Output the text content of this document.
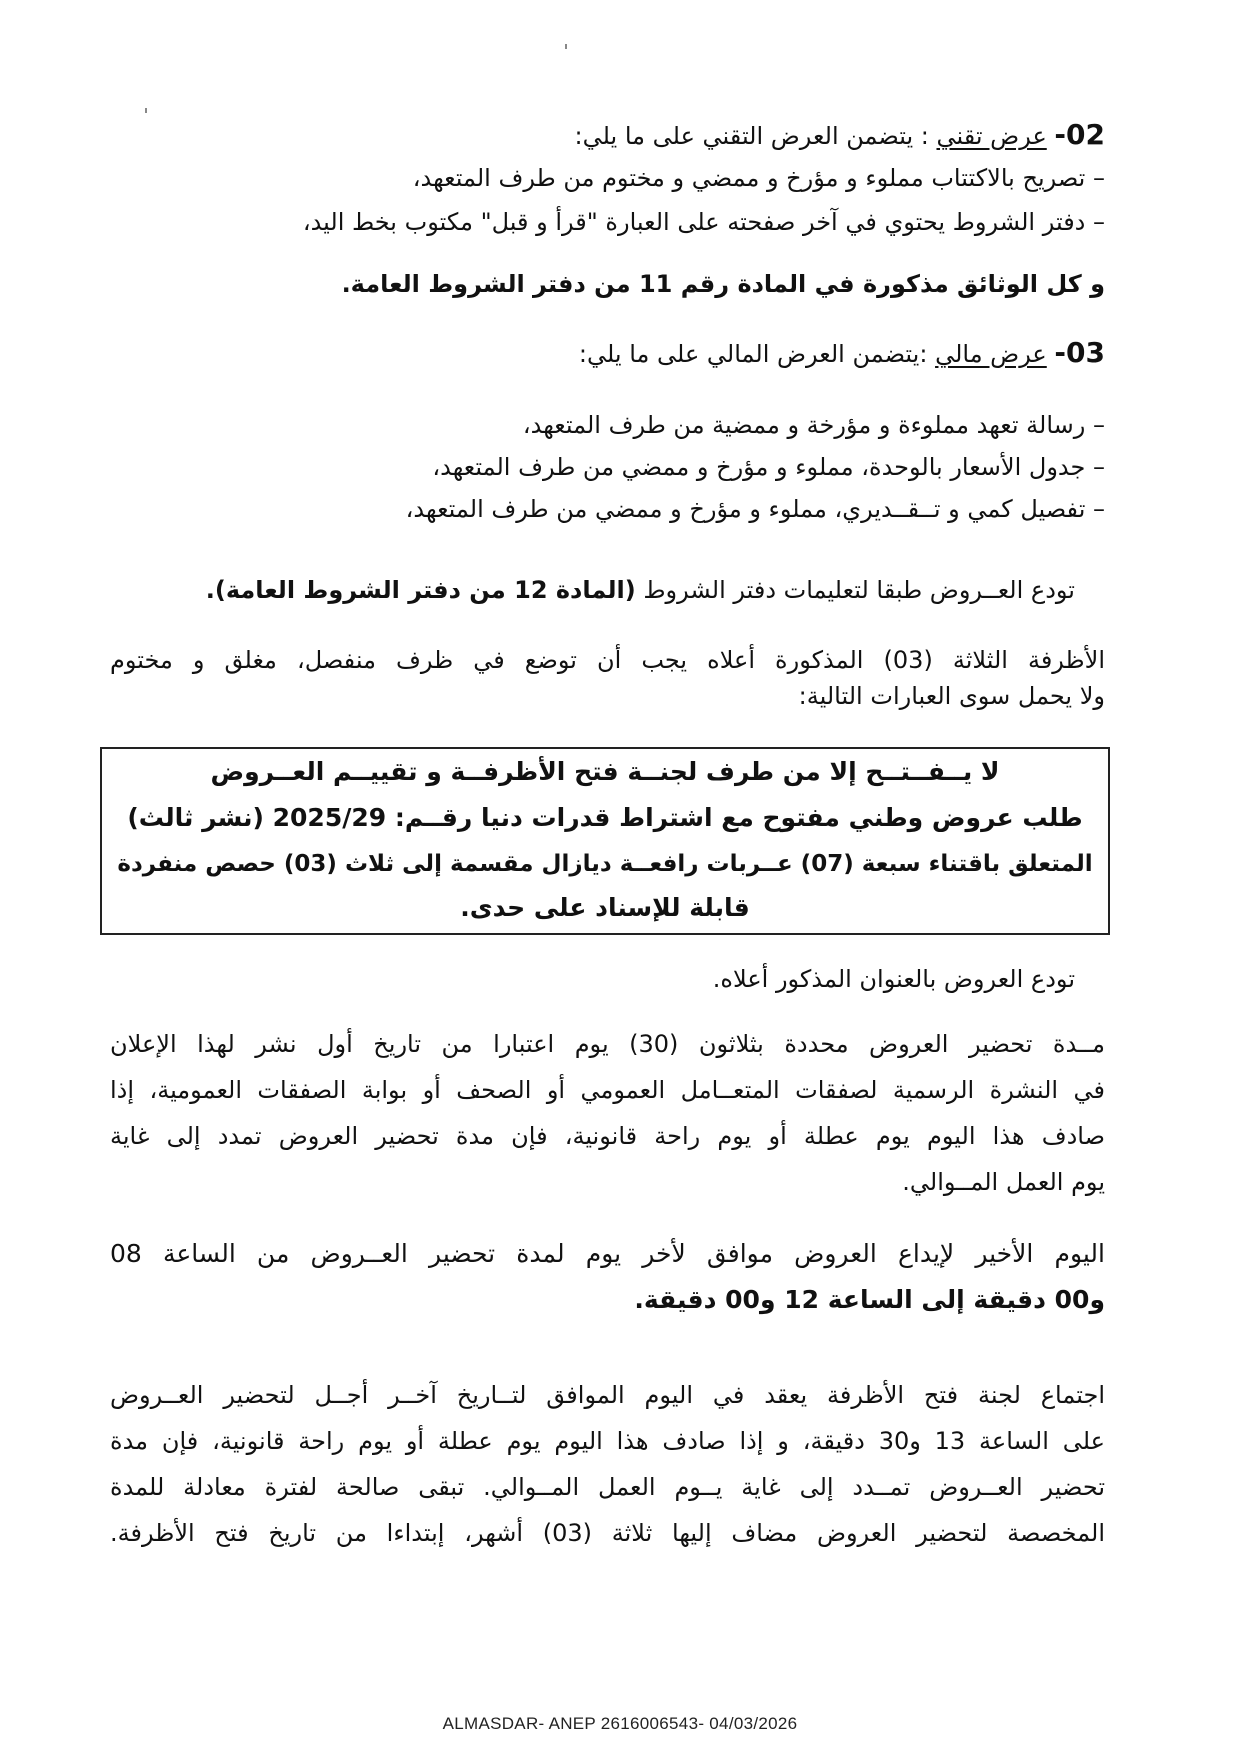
02- عرض تقني : يتضمن العرض التقني على ما يلي:
– تصريح بالاكتتاب مملوء و مؤرخ و ممضي و مختوم من طرف المتعهد،
– دفتر الشروط يحتوي في آخر صفحته على العبارة "قرأ و قبل" مكتوب بخط اليد،
و كل الوثائق مذكورة في المادة رقم 11 من دفتر الشروط العامة.
03- عرض مالي :يتضمن العرض المالي على ما يلي:
– رسالة تعهد مملوءة و مؤرخة و ممضية من طرف المتعهد،
– جدول الأسعار بالوحدة، مملوء و مؤرخ و ممضي من طرف المتعهد،
– تفصيل كمي و تــقــديري، مملوء و مؤرخ و ممضي من طرف المتعهد،
تودع العــروض طبقا لتعليمات دفتر الشروط (المادة 12 من دفتر الشروط العامة).
الأظرفة الثلاثة (03) المذكورة أعلاه يجب أن توضع في ظرف منفصل، مغلق و مختوم
ولا يحمل سوى العبارات التالية:
لا يــفــتــح إلا من طرف لجنــة فتح الأظرفــة و تقييــم العــروض
طلب عروض وطني مفتوح مع اشتراط قدرات دنيا رقــم: 2025/29 (نشر ثالث)
المتعلق باقتناء سبعة (07) عــربات رافعــة ديازال مقسمة إلى ثلاث (03) حصص منفردة
قابلة للإسناد على حدى.
تودع العروض بالعنوان المذكور أعلاه.
مــدة تحضير العروض محددة بثلاثون (30) يوم اعتبارا من تاريخ أول نشر لهذا الإعلان
في النشرة الرسمية لصفقات المتعــامل العمومي أو الصحف أو بوابة الصفقات العمومية، إذا
صادف هذا اليوم يوم عطلة أو يوم راحة قانونية، فإن مدة تحضير العروض تمدد إلى غاية
يوم العمل المــوالي.
اليوم الأخير لإيداع العروض موافق لأخر يوم لمدة تحضير العــروض من الساعة 08
و00 دقيقة إلى الساعة 12 و00 دقيقة.
اجتماع لجنة فتح الأظرفة يعقد في اليوم الموافق لتــاريخ آخــر أجــل لتحضير العــروض
على الساعة 13 و30 دقيقة، و إذا صادف هذا اليوم يوم عطلة أو يوم راحة قانونية، فإن مدة
تحضير العــروض تمــدد إلى غاية يــوم العمل المــوالي. تبقى صالحة لفترة معادلة للمدة
المخصصة لتحضير العروض مضاف إليها ثلاثة (03) أشهر، إبتداءا من تاريخ فتح الأظرفة.
ALMASDAR- ANEP 2616006543- 04/03/2026
